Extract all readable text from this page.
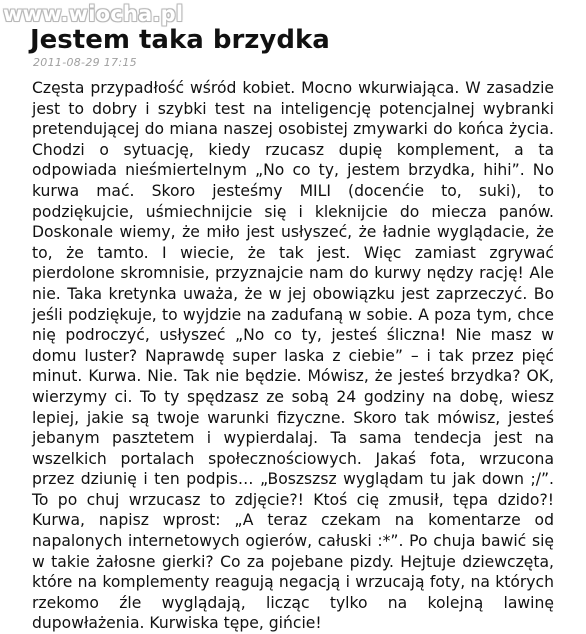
www.wiocha.pl
Jestem taka brzydka
2011-08-29 17:15

Częsta przypadłość wśród kobiet. Mocno wkurwiająca. W zasadzie jest to dobry i szybki test na inteligencję potencjalnej wybranki pretendującej do miana naszej osobistej zmywarki do końca życia. Chodzi o sytuację, kiedy rzucasz dupię komplement, a ta odpowiada nieśmiertelnym „No co ty, jestem brzydka, hihi”. No kurwa mać. Skoro jesteśmy MILI (docenćie to, suki), to podziękujcie, uśmiechnijcie się i kleknijcie do miecza panów. Doskonale wiemy, że miło jest usłyszeć, że ładnie wyglądacie, że to, że tamto. I wiecie, że tak jest. Więc zamiast zgrywać pierdolone skromnisie, przyznajcie nam do kurwy nędzy rację! Ale nie. Taka kretynka uważa, że w jej obowiązku jest zaprzeczyć. Bo jeśli podziękuje, to wyjdzie na zadufaną w sobie. A poza tym, chce nię podroczyć, usłyszeć „No co ty, jesteś śliczna! Nie masz w domu luster? Naprawdę super laska z ciebie” – i tak przez pięć minut. Kurwa. Nie. Tak nie będzie. Mówisz, że jesteś brzydka? OK, wierzymy ci. To ty spędzasz ze sobą 24 godziny na dobę, wiesz lepiej, jakie są twoje warunki fizyczne. Skoro tak mówisz, jesteś jebanym pasztetem i wypierdalaj. Ta sama tendecja jest na wszelkich portalach społecznościowych. Jakaś fota, wrzucona przez dziunię i ten podpis… „Boszszsz wyglądam tu jak down ;/”. To po chuj wrzucasz to zdjęcie?! Ktoś cię zmusił, tępa dzido?! Kurwa, napisz wprost: „A teraz czekam na komentarze od napalonych internetowych ogierów, całuski :*”. Po chuja bawić się w takie żałosne gierki? Co za pojebane pizdy. Hejtuje dziewczęta, które na komplementy reagują negacją i wrzucają foty, na których rzekomo źle wyglądają, licząc tylko na kolejną lawinę dupowłażenia. Kurwiska tępe, gińcie!
